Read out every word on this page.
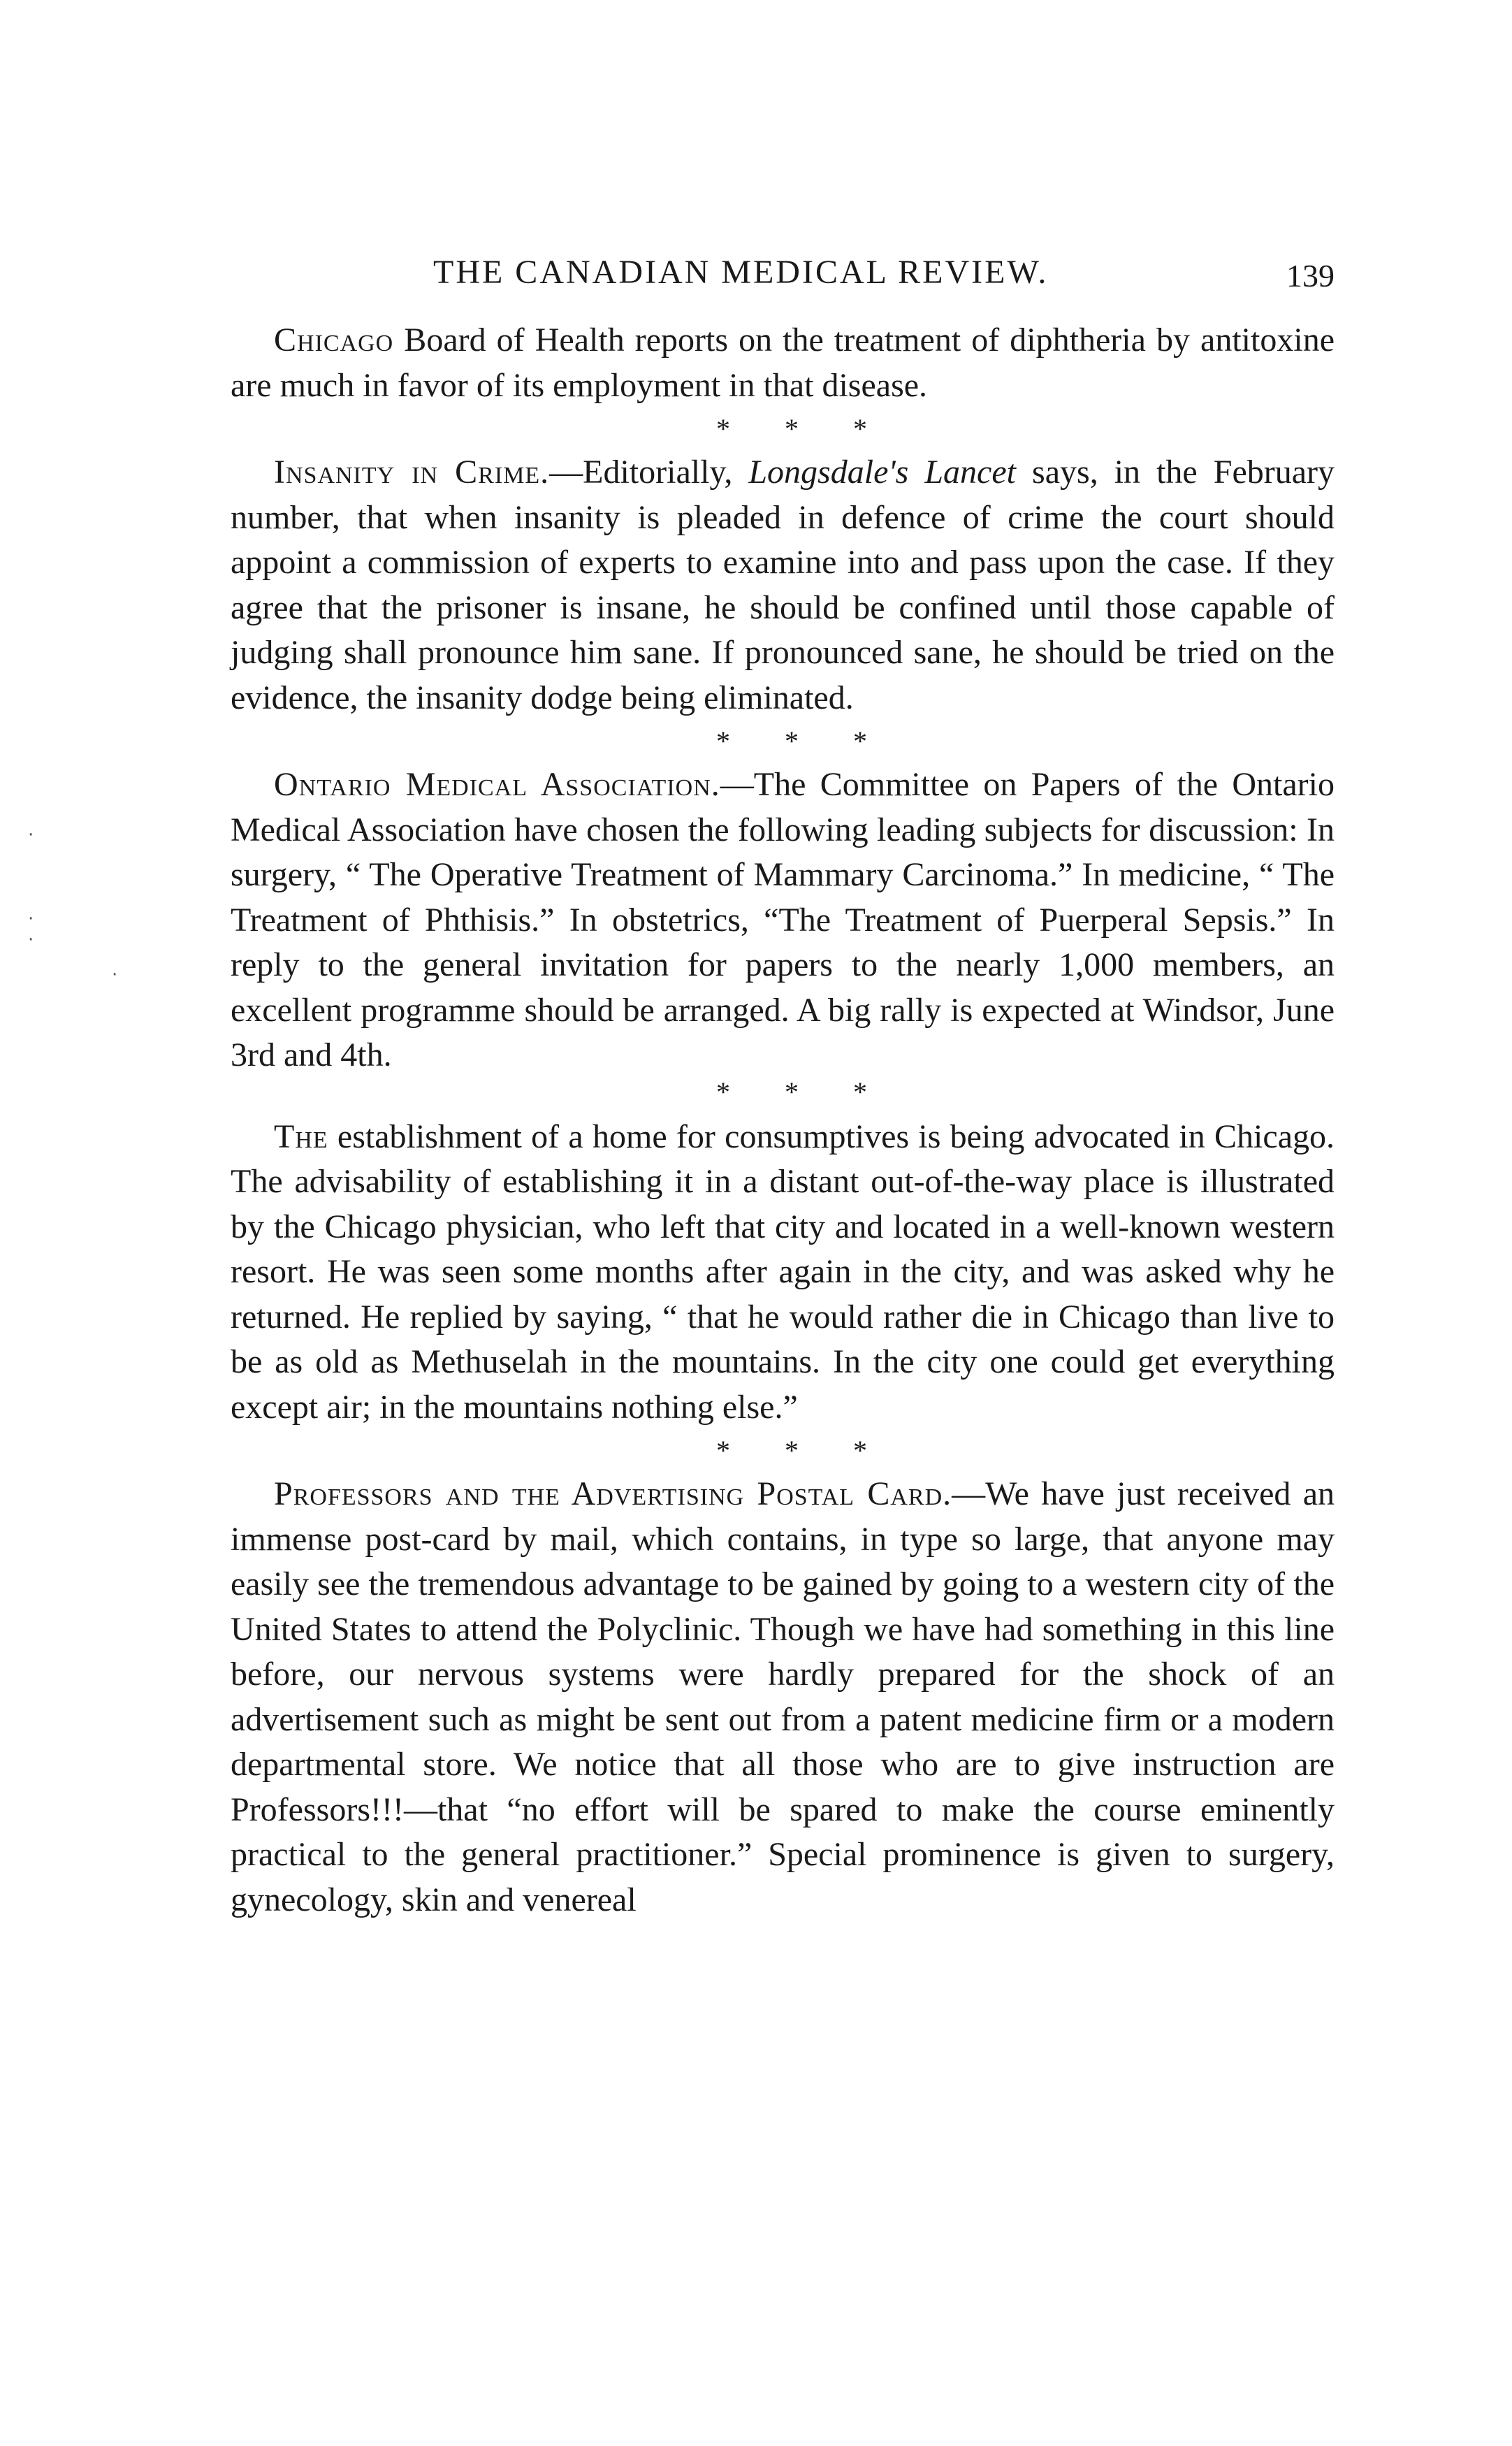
THE CANADIAN MEDICAL REVIEW.	139
·
·
·
·

Chicago Board of Health reports on the treatment of diphtheria by antitoxine are much in favor of its employment in that disease.

* * *

Insanity in Crime.—Editorially, Longsdale's Lancet says, in the February number, that when insanity is pleaded in defence of crime the court should appoint a commission of experts to examine into and pass upon the case. If they agree that the prisoner is insane, he should be confined until those capable of judging shall pronounce him sane. If pronounced sane, he should be tried on the evidence, the insanity dodge being eliminated.

* * *

Ontario Medical Association.—The Committee on Papers of the Ontario Medical Association have chosen the following leading subjects for discussion: In surgery, “ The Operative Treatment of Mammary Carcinoma.” In medicine, “ The Treatment of Phthisis.” In obstetrics, “The Treatment of Puerperal Sepsis.” In reply to the general invitation for papers to the nearly 1,000 members, an excellent programme should be arranged. A big rally is expected at Windsor, June 3rd and 4th.

* * *

The establishment of a home for consumptives is being advocated in Chicago. The advisability of establishing it in a distant out-of-the-way place is illustrated by the Chicago physician, who left that city and located in a well-known western resort. He was seen some months after again in the city, and was asked why he returned. He replied by saying, “ that he would rather die in Chicago than live to be as old as Methuselah in the mountains. In the city one could get everything except air; in the mountains nothing else.”

* * *

Professors and the Advertising Postal Card.—We have just received an immense post-card by mail, which contains, in type so large, that anyone may easily see the tremendous advantage to be gained by going to a western city of the United States to attend the Polyclinic. Though we have had something in this line before, our nervous systems were hardly prepared for the shock of an advertisement such as might be sent out from a patent medicine firm or a modern departmental store. We notice that all those who are to give instruction are Professors!!!—that “no effort will be spared to make the course eminently practical to the general practitioner.” Special prominence is given to surgery, gynecology, skin and venereal
